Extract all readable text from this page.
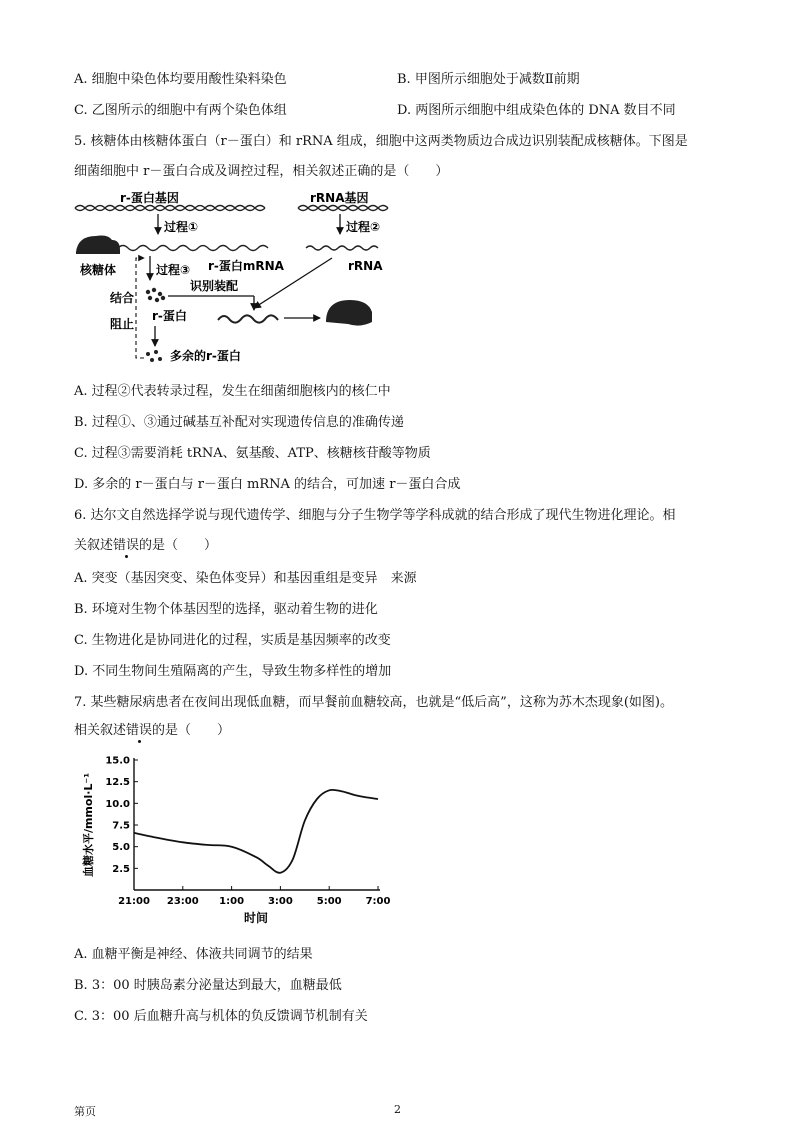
A. 细胞中染色体均要用酸性染料染色	B. 甲图所示细胞处于减数Ⅱ前期
C. 乙图所示的细胞中有两个染色体组	D. 两图所示细胞中组成染色体的 DNA 数目不同
5. 核糖体由核糖体蛋白（r－蛋白）和 rRNA 组成，细胞中这两类物质边合成边识别装配成核糖体。下图是
细菌细胞中 r－蛋白合成及调控过程，相关叙述正确的是（　　）
r-蛋白基因	rRNA基因
过程①	过程②
核糖体	过程③ r-蛋白mRNA	rRNA
识别装配
结合
阻止
r-蛋白
多余的r-蛋白
A. 过程②代表转录过程，发生在细菌细胞核内的核仁中
B. 过程①、③通过碱基互补配对实现遗传信息的准确传递
C. 过程③需要消耗 tRNA、氨基酸、ATP、核糖核苷酸等物质
D. 多余的 r－蛋白与 r－蛋白 mRNA 的结合，可加速 r－蛋白合成
6. 达尔文自然选择学说与现代遗传学、细胞与分子生物学等学科成就的结合形成了现代生物进化理论。相
关叙述错误的是（　　）
A. 突变（基因突变、染色体变异）和基因重组是变异　来源
B. 环境对生物个体基因型的选择，驱动着生物的进化
C. 生物进化是协同进化的过程，实质是基因频率的改变
D. 不同生物间生殖隔离的产生，导致生物多样性的增加
7. 某些糖尿病患者在夜间出现低血糖，而早餐前血糖较高，也就是“低后高”，这称为苏木杰现象(如图)。
相关叙述错误的是（　　）
2.5
5.0
7.5
10.0
12.5
15.0
21:00 23:00 1:00 3:00 5:00 7:00
时间
血糖水平/mmol·L⁻¹
A. 血糖平衡是神经、体液共同调节的结果
B. 3：00 时胰岛素分泌量达到最大，血糖最低
C. 3：00 后血糖升高与机体的负反馈调节机制有关
第页	2
